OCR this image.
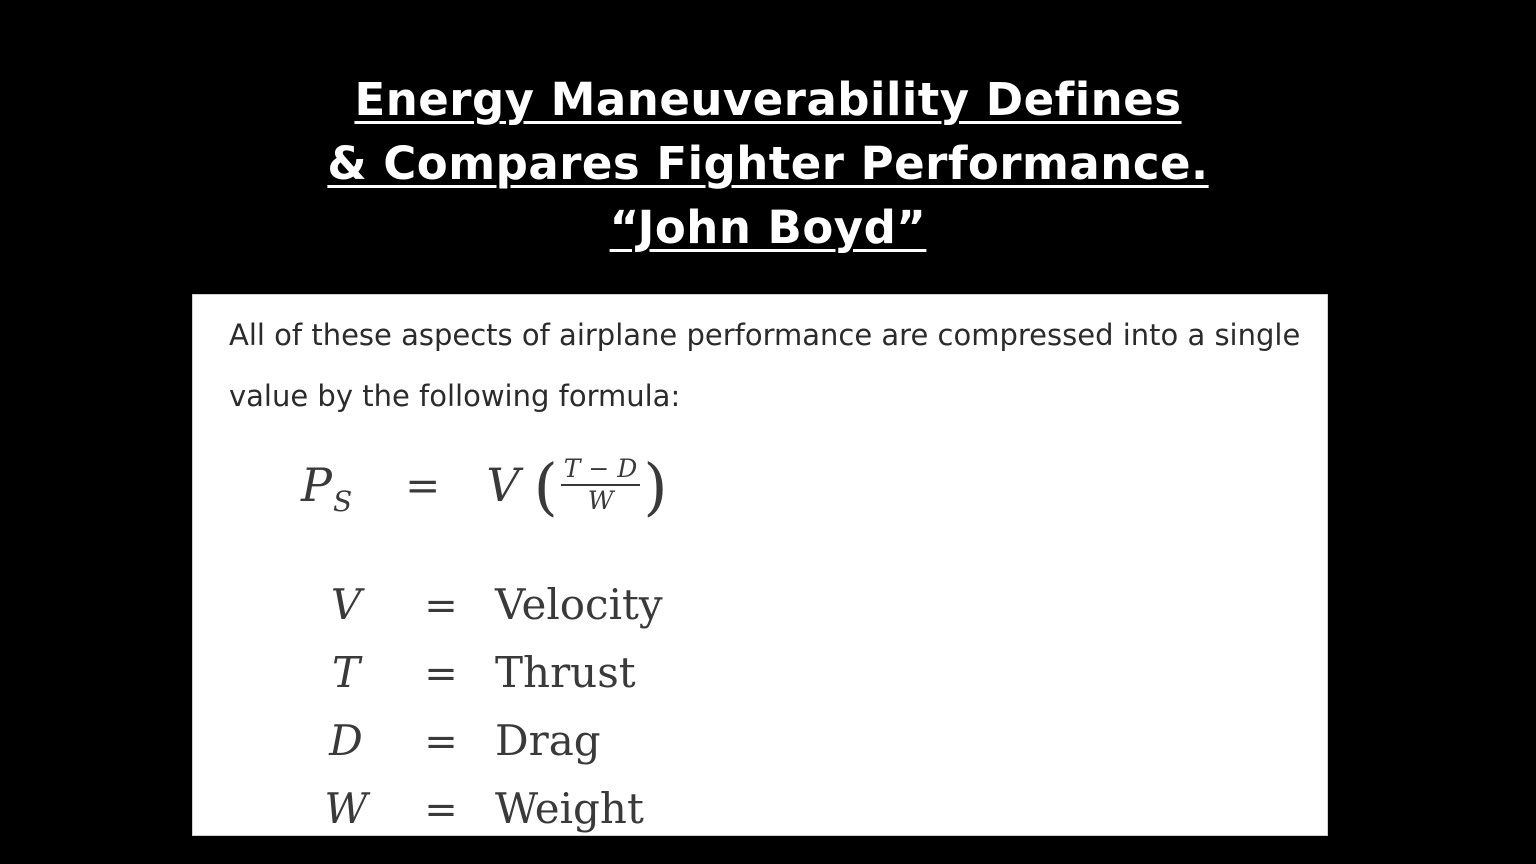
Energy Maneuverability Defines
& Compares Fighter Performance.
“John Boyd”
All of these aspects of airplane performance are compressed into a single value by the following formula:
$P_S = V$ ( $\frac{T - D}{W}$ )
V	= Velocity
T	= Thrust
D	= Drag
W	= Weight
